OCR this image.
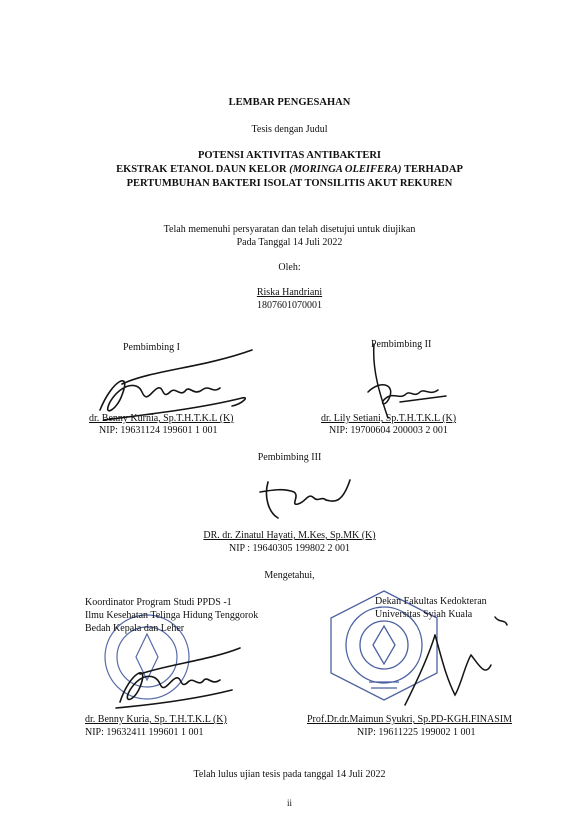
LEMBAR PENGESAHAN
Tesis dengan Judul
POTENSI AKTIVITAS ANTIBAKTERI
EKSTRAK ETANOL DAUN KELOR (MORINGA OLEIFERA) TERHADAP
PERTUMBUHAN BAKTERI ISOLAT TONSILITIS AKUT REKUREN
Telah memenuhi persyaratan dan telah disetujui untuk diujikan
Pada Tanggal 14 Juli 2022
Oleh:
Riska Handriani
1807601070001
Pembimbing I
dr. Benny Kurnia, Sp.T.H.T.K.L (K)
NIP: 19631124 199601 1 001
Pembimbing II
dr. Lily Setiani, Sp.T.H.T.K.L (K)
NIP: 19700604 200003 2 001
Pembimbing III
DR. dr. Zinatul Hayati, M.Kes, Sp.MK (K)
NIP : 19640305 199802 2 001
Mengetahui,
Koordinator Program Studi PPDS -1
Ilmu Kesehatan Telinga Hidung Tenggorok
Bedah Kepala dan Leher
dr. Benny Kuria, Sp. T.H.T.K.L (K)
NIP: 19632411 199601 1 001
Dekan Fakultas Kedokteran
Universitas Syiah Kuala
Prof.Dr.dr.Maimun Syukri, Sp.PD-KGH.FINASIM
NIP: 19611225 199002 1 001
Telah lulus ujian tesis pada tanggal 14 Juli 2022
ii
